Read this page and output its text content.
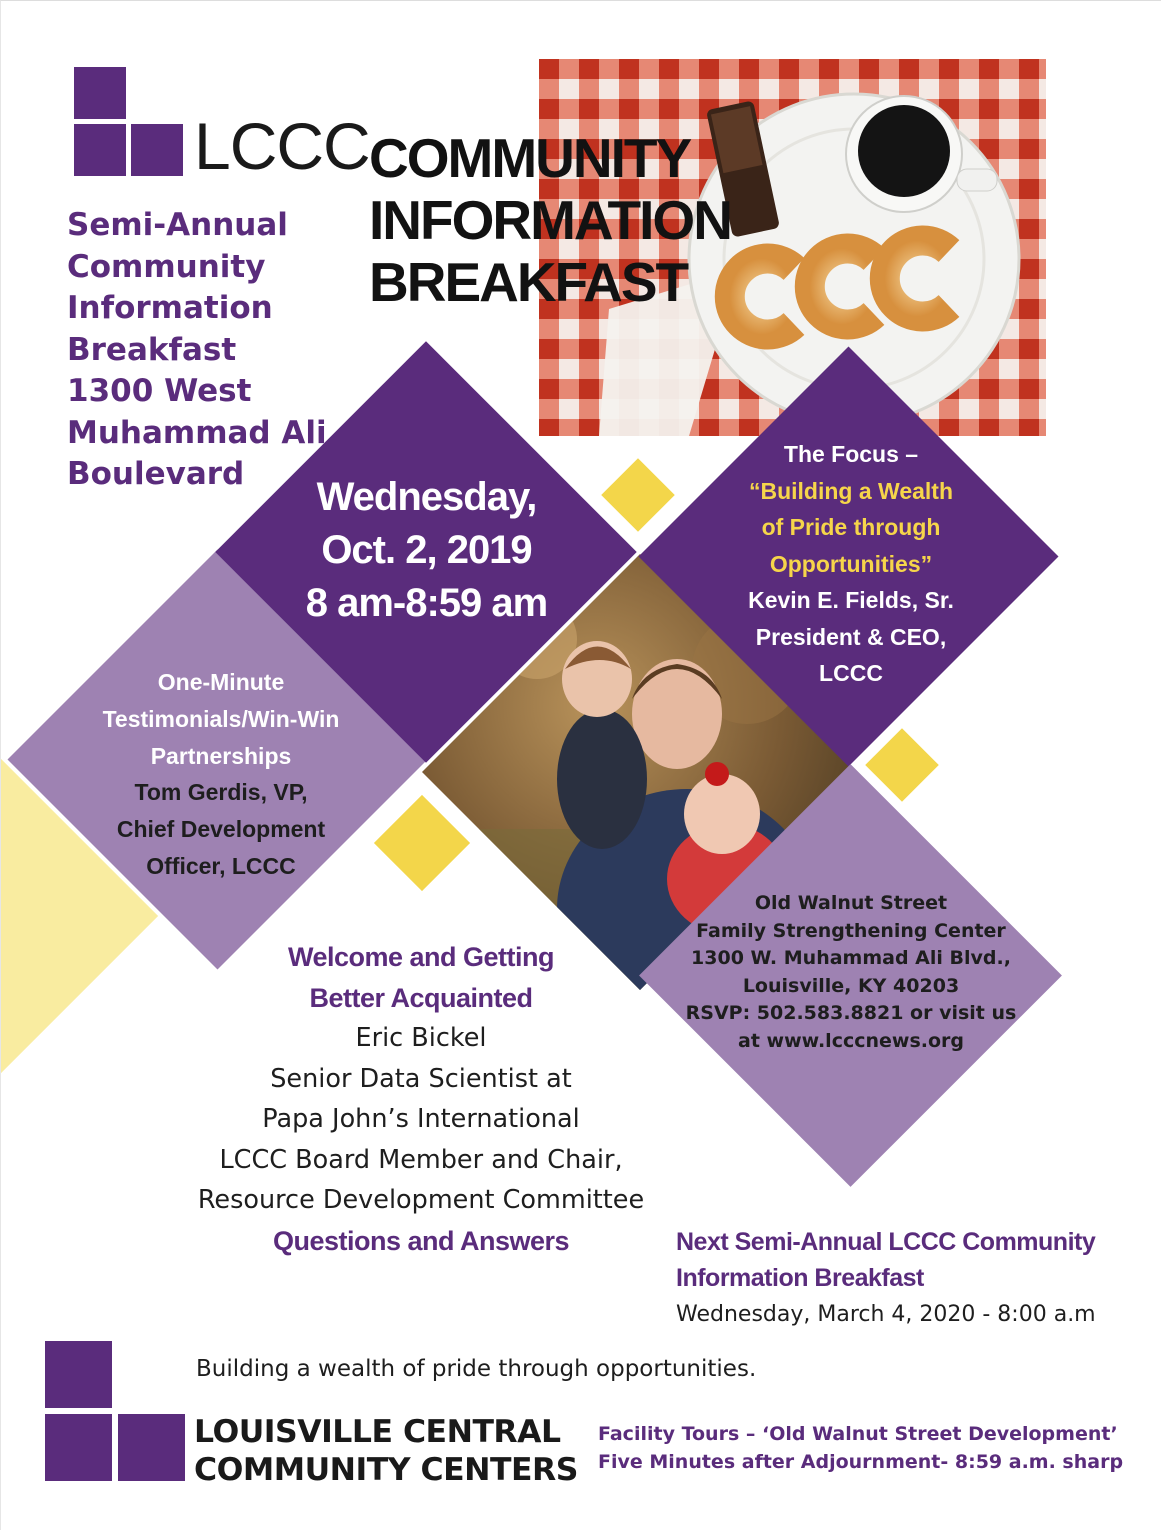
LCCC COMMUNITY
INFORMATION
BREAKFAST
Semi-Annual
Community
Information
Breakfast
1300 West
Muhammad Ali
Boulevard
Wednesday,
Oct. 2, 2019
8 am-8:59 am
The Focus –
“Building a Wealth
of Pride through
Opportunities”
Kevin E. Fields, Sr.
President & CEO,
LCCC
One-Minute
Testimonials/Win-Win
Partnerships
Tom Gerdis, VP,
Chief Development
Officer, LCCC
Old Walnut Street
Family Strengthening Center
1300 W. Muhammad Ali Blvd.,
Louisville, KY 40203
RSVP: 502.583.8821 or visit us
at www.lcccnews.org
Welcome and Getting
Better Acquainted
Eric Bickel
Senior Data Scientist at
Papa John’s International
LCCC Board Member and Chair,
Resource Development Committee
Questions and Answers	Next Semi-Annual LCCC Community
Information Breakfast
Wednesday, March 4, 2020 - 8:00 a.m
Building a wealth of pride through opportunities.
LOUISVILLE CENTRAL
COMMUNITY CENTERS
Facility Tours – ‘Old Walnut Street Development’
Five Minutes after Adjournment- 8:59 a.m. sharp
